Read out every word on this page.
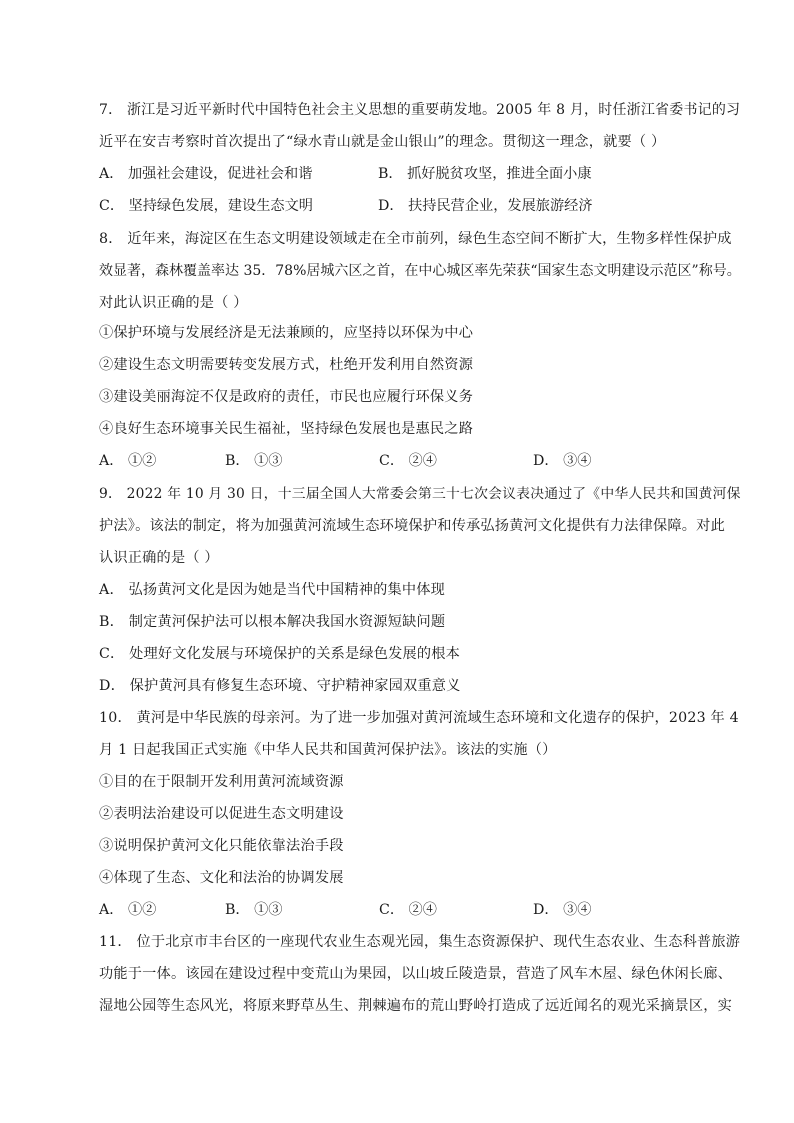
7． 浙江是习近平新时代中国特色社会主义思想的重要萌发地。2005 年 8 月，时任浙江省委书记的习
近平在安吉考察时首次提出了“绿水青山就是金山银山”的理念。贯彻这一理念，就要（ ）
A． 加强社会建设，促进社会和谐	B． 抓好脱贫攻坚，推进全面小康
C． 坚持绿色发展，建设生态文明	D． 扶持民营企业，发展旅游经济
8． 近年来，海淀区在生态文明建设领域走在全市前列，绿色生态空间不断扩大，生物多样性保护成
效显著，森林覆盖率达 35．78%居城六区之首，在中心城区率先荣获“国家生态文明建设示范区”称号。
对此认识正确的是（ ）
①保护环境与发展经济是无法兼顾的，应坚持以环保为中心
②建设生态文明需要转变发展方式，杜绝开发利用自然资源
③建设美丽海淀不仅是政府的责任，市民也应履行环保义务
④良好生态环境事关民生福祉，坚持绿色发展也是惠民之路
A． ①②	B． ①③	C． ②④	D． ③④
9． 2022 年 10 月 30 日，十三届全国人大常委会第三十七次会议表决通过了《中华人民共和国黄河保
护法》。该法的制定，将为加强黄河流域生态环境保护和传承弘扬黄河文化提供有力法律保障。对此
认识正确的是（ ）
A． 弘扬黄河文化是因为她是当代中国精神的集中体现
B． 制定黄河保护法可以根本解决我国水资源短缺问题
C． 处理好文化发展与环境保护的关系是绿色发展的根本
D． 保护黄河具有修复生态环境、守护精神家园双重意义
10． 黄河是中华民族的母亲河。为了进一步加强对黄河流域生态环境和文化遗存的保护，2023 年 4
月 1 日起我国正式实施《中华人民共和国黄河保护法》。该法的实施（）
①目的在于限制开发利用黄河流域资源
②表明法治建设可以促进生态文明建设
③说明保护黄河文化只能依靠法治手段
④体现了生态、文化和法治的协调发展
A． ①②	B． ①③	C． ②④	D． ③④
11． 位于北京市丰台区的一座现代农业生态观光园，集生态资源保护、现代生态农业、生态科普旅游
功能于一体。该园在建设过程中变荒山为果园，以山坡丘陵造景，营造了风车木屋、绿色休闲长廊、
湿地公园等生态风光，将原来野草丛生、荆棘遍布的荒山野岭打造成了远近闻名的观光采摘景区，实
